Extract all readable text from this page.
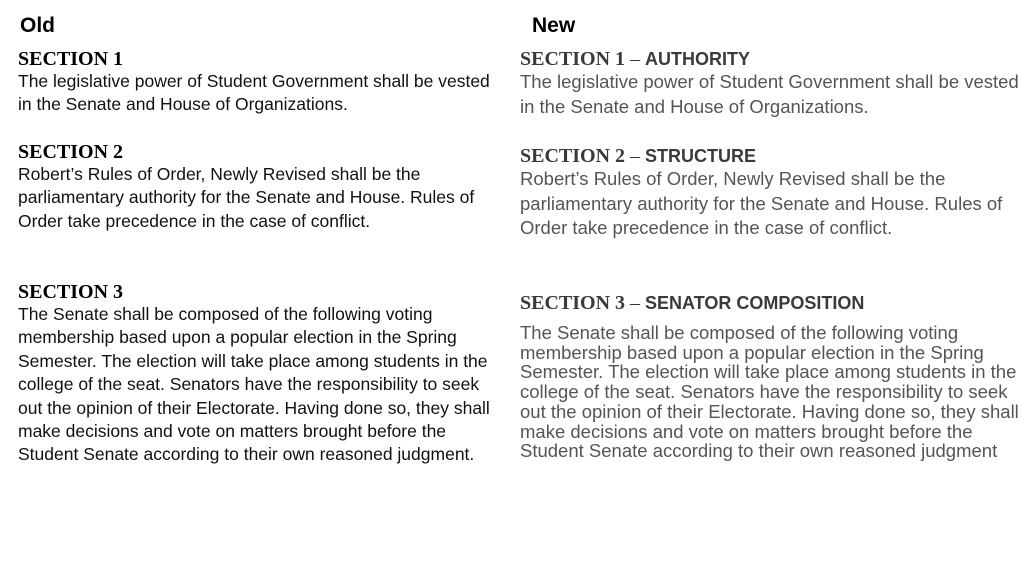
Old
SECTION 1
The legislative power of Student Government shall be vested in the Senate and House of Organizations.
SECTION 2
Robert’s Rules of Order, Newly Revised shall be the parliamentary authority for the Senate and House. Rules of Order take precedence in the case of conflict.
SECTION 3
The Senate shall be composed of the following voting membership based upon a popular election in the Spring Semester. The election will take place among students in the college of the seat. Senators have the responsibility to seek out the opinion of their Electorate. Having done so, they shall make decisions and vote on matters brought before the Student Senate according to their own reasoned judgment.
New
SECTION 1 – AUTHORITY
The legislative power of Student Government shall be vested in the Senate and House of Organizations.
SECTION 2 – STRUCTURE
Robert’s Rules of Order, Newly Revised shall be the parliamentary authority for the Senate and House. Rules of Order take precedence in the case of conflict.
SECTION 3 – SENATOR COMPOSITION
The Senate shall be composed of the following voting membership based upon a popular election in the Spring Semester. The election will take place among students in the college of the seat. Senators have the responsibility to seek out the opinion of their Electorate. Having done so, they shall make decisions and vote on matters brought before the Student Senate according to their own reasoned judgment
